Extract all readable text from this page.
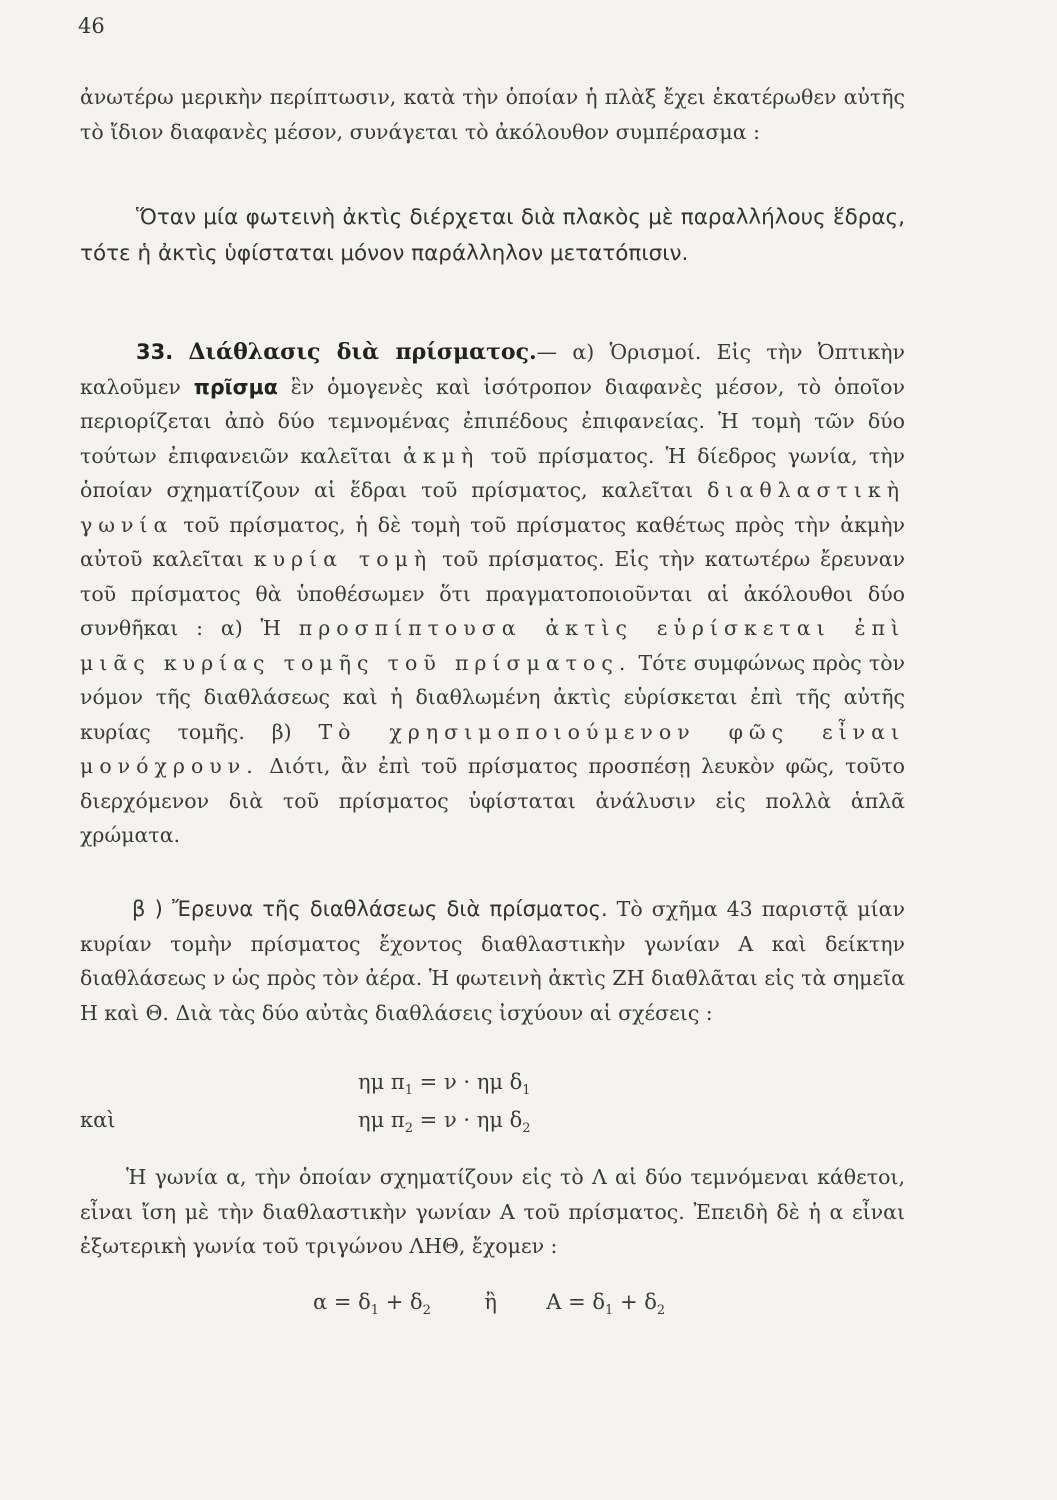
46
ἀνωτέρω μερικὴν περίπτωσιν, κατὰ τὴν ὁποίαν ἡ πλὰξ ἔχει ἑκατέρωθεν αὐτῆς τὸ ἴδιον διαφανὲς μέσον, συνάγεται τὸ ἀκόλουθον συμπέρασμα :
Ὅταν μία φωτεινὴ ἀκτὶς διέρχεται διὰ πλακὸς μὲ παραλλήλους ἕδρας, τότε ἡ ἀκτὶς ὑφίσταται μόνον παράλληλον μετατόπισιν.
33. Διάθλασις διὰ πρίσματος.— α) Ὁρισμοί. Εἰς τὴν Ὀπτικὴν καλοῦμεν πρῖσμα ἓν ὁμογενὲς καὶ ἰσότροπον διαφανὲς μέσον, τὸ ὁποῖον περιορίζεται ἀπὸ δύο τεμνομένας ἐπιπέδους ἐπιφανείας. Ἡ τομὴ τῶν δύο τούτων ἐπιφανειῶν καλεῖται ἀκμὴ τοῦ πρίσματος. Ἡ δίεδρος γωνία, τὴν ὁποίαν σχηματίζουν αἱ ἕδραι τοῦ πρίσματος, καλεῖται διαθλαστικὴ γωνία τοῦ πρίσματος, ἡ δὲ τομὴ τοῦ πρίσματος καθέτως πρὸς τὴν ἀκμὴν αὐτοῦ καλεῖται κυρία τομὴ τοῦ πρίσματος. Εἰς τὴν κατωτέρω ἔρευναν τοῦ πρίσματος θὰ ὑποθέσωμεν ὅτι πραγματοποιοῦνται αἱ ἀκόλουθοι δύο συνθῆκαι : α) Ἡ προσπίπτουσα ἀκτὶς εὑρίσκεται ἐπὶ μιᾶς κυρίας τομῆς τοῦ πρίσματος. Τότε συμφώνως πρὸς τὸν νόμον τῆς διαθλάσεως καὶ ἡ διαθλωμένη ἀκτὶς εὑρίσκεται ἐπὶ τῆς αὐτῆς κυρίας τομῆς. β) Τὸ χρησιμοποιούμενον φῶς εἶναι μονόχρουν. Διότι, ἂν ἐπὶ τοῦ πρίσματος προσπέσῃ λευκὸν φῶς, τοῦτο διερχόμενον διὰ τοῦ πρίσματος ὑφίσταται ἀνάλυσιν εἰς πολλὰ ἁπλᾶ χρώματα.
β ) Ἔρευνα τῆς διαθλάσεως διὰ πρίσματος. Τὸ σχῆμα 43 παριστᾷ μίαν κυρίαν τομὴν πρίσματος ἔχοντος διαθλαστικὴν γωνίαν Α καὶ δείκτην διαθλάσεως ν ὡς πρὸς τὸν ἀέρα. Ἡ φωτεινὴ ἀκτὶς ΖΗ διαθλᾶται εἰς τὰ σημεῖα Η καὶ Θ. Διὰ τὰς δύο αὐτὰς διαθλάσεις ἰσχύουν αἱ σχέσεις :
ημ $\pi_1 = \nu \cdot \eta\mu$ $\delta_1$
καὶ	ημ $\pi_2 = \nu \cdot \eta\mu$ $\delta_2$
Ἡ γωνία α, τὴν ὁποίαν σχηματίζουν εἰς τὸ Λ αἱ δύο τεμνόμεναι κάθετοι, εἶναι ἴση μὲ τὴν διαθλαστικὴν γωνίαν Α τοῦ πρίσματος. Ἐπειδὴ δὲ ἡ α εἶναι ἐξωτερικὴ γωνία τοῦ τριγώνου ΛΗΘ, ἔχομεν :
$\alpha = \delta_1 + \delta_2$	ἢ $A = \delta_1 + \delta_2$
